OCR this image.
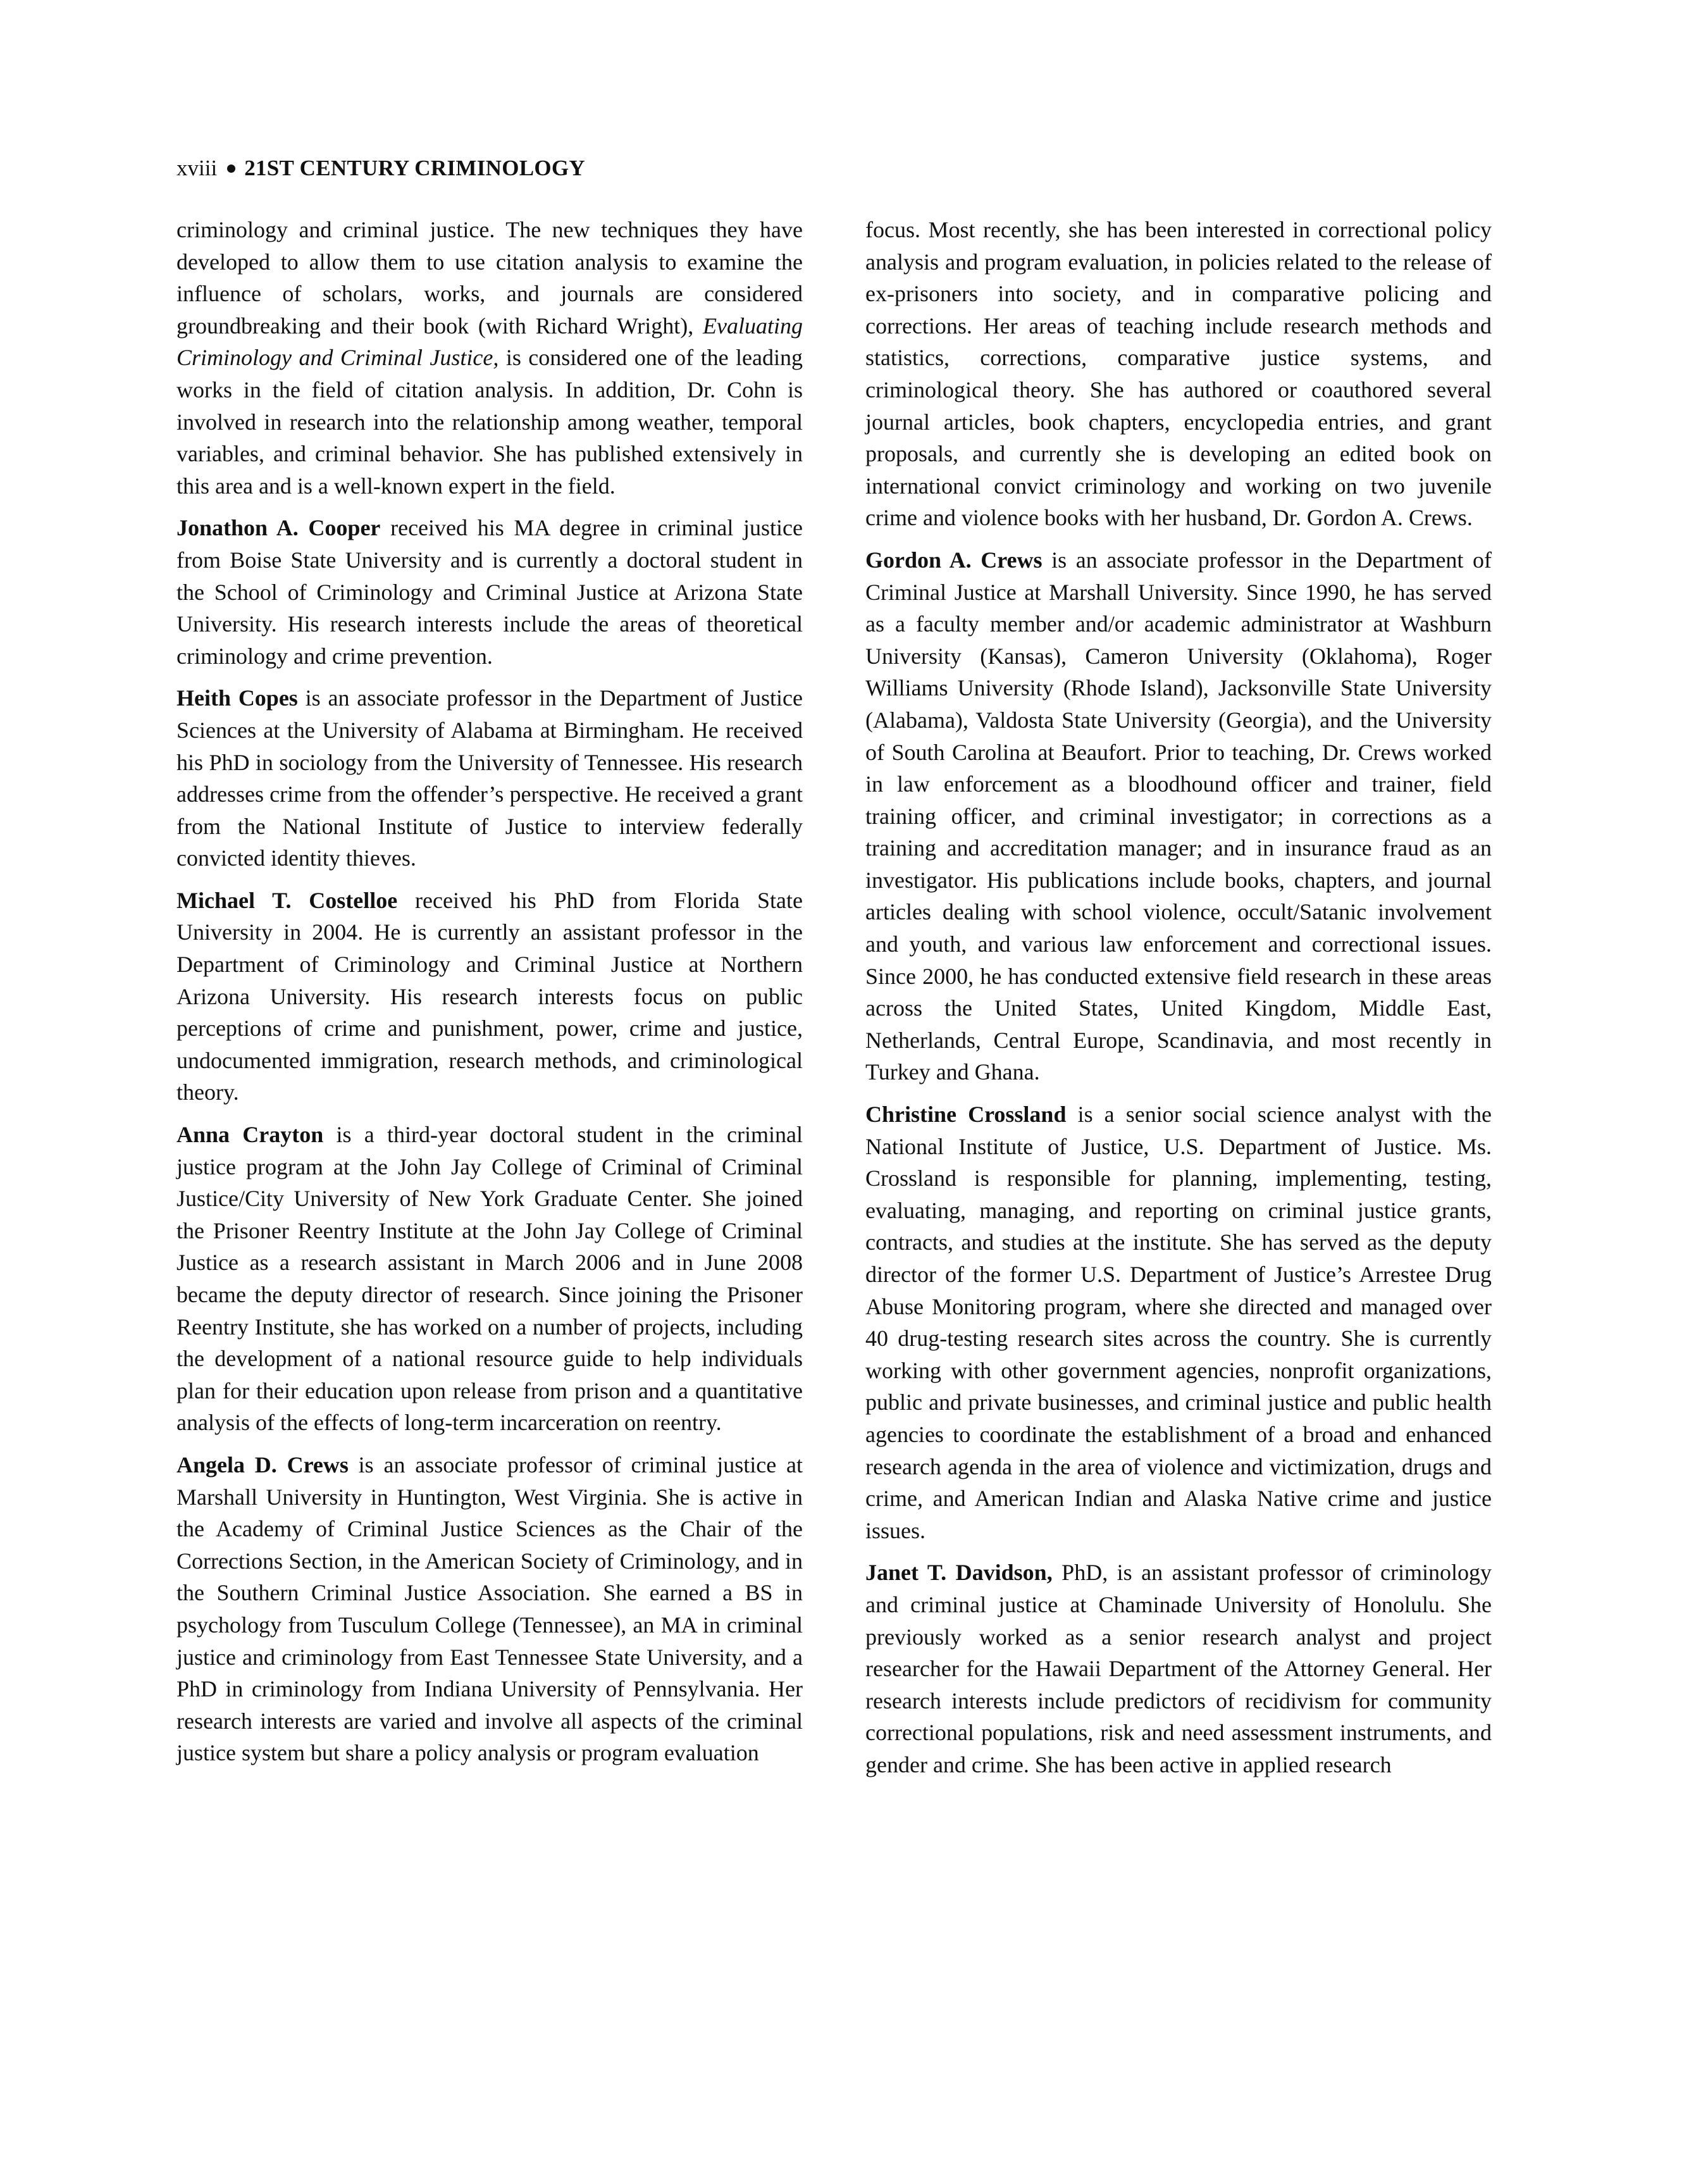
xviii 21ST CENTURY CRIMINOLOGY

criminology and criminal justice. The new techniques they have developed to allow them to use citation analysis to examine the influence of scholars, works, and journals are considered groundbreaking and their book (with Richard Wright), Evaluating Criminology and Criminal Justice, is considered one of the leading works in the field of citation analysis. In addition, Dr. Cohn is involved in research into the relationship among weather, temporal variables, and criminal behavior. She has published extensively in this area and is a well-known expert in the field.

Jonathon A. Cooper received his MA degree in criminal justice from Boise State University and is currently a doctoral student in the School of Criminology and Criminal Justice at Arizona State University. His research interests include the areas of theoretical criminology and crime prevention.

Heith Copes is an associate professor in the Department of Justice Sciences at the University of Alabama at Birmingham. He received his PhD in sociology from the University of Tennessee. His research addresses crime from the offender’s perspective. He received a grant from the National Institute of Justice to interview federally convicted identity thieves.

Michael T. Costelloe received his PhD from Florida State University in 2004. He is currently an assistant professor in the Department of Criminology and Criminal Justice at Northern Arizona University. His research interests focus on public perceptions of crime and punishment, power, crime and justice, undocumented immigration, research methods, and criminological theory.

Anna Crayton is a third-year doctoral student in the criminal justice program at the John Jay College of Criminal of Criminal Justice/City University of New York Graduate Center. She joined the Prisoner Reentry Institute at the John Jay College of Criminal Justice as a research assistant in March 2006 and in June 2008 became the deputy director of research. Since joining the Prisoner Reentry Institute, she has worked on a number of projects, including the development of a national resource guide to help individuals plan for their education upon release from prison and a quantitative analysis of the effects of long-term incarceration on reentry.

Angela D. Crews is an associate professor of criminal justice at Marshall University in Huntington, West Virginia. She is active in the Academy of Criminal Justice Sciences as the Chair of the Corrections Section, in the American Society of Criminology, and in the Southern Criminal Justice Association. She earned a BS in psychology from Tusculum College (Tennessee), an MA in criminal justice and criminology from East Tennessee State University, and a PhD in criminology from Indiana University of Pennsylvania. Her research interests are varied and involve all aspects of the criminal justice system but share a policy analysis or program evaluation

focus. Most recently, she has been interested in correctional policy analysis and program evaluation, in policies related to the release of ex-prisoners into society, and in comparative policing and corrections. Her areas of teaching include research methods and statistics, corrections, comparative justice systems, and criminological theory. She has authored or coauthored several journal articles, book chapters, encyclopedia entries, and grant proposals, and currently she is developing an edited book on international convict criminology and working on two juvenile crime and violence books with her husband, Dr. Gordon A. Crews.

Gordon A. Crews is an associate professor in the Department of Criminal Justice at Marshall University. Since 1990, he has served as a faculty member and/or academic administrator at Washburn University (Kansas), Cameron University (Oklahoma), Roger Williams University (Rhode Island), Jacksonville State University (Alabama), Valdosta State University (Georgia), and the University of South Carolina at Beaufort. Prior to teaching, Dr. Crews worked in law enforcement as a bloodhound officer and trainer, field training officer, and criminal investigator; in corrections as a training and accreditation manager; and in insurance fraud as an investigator. His publications include books, chapters, and journal articles dealing with school violence, occult/Satanic involvement and youth, and various law enforcement and correctional issues. Since 2000, he has conducted extensive field research in these areas across the United States, United Kingdom, Middle East, Netherlands, Central Europe, Scandinavia, and most recently in Turkey and Ghana.

Christine Crossland is a senior social science analyst with the National Institute of Justice, U.S. Department of Justice. Ms. Crossland is responsible for planning, implementing, testing, evaluating, managing, and reporting on criminal justice grants, contracts, and studies at the institute. She has served as the deputy director of the former U.S. Department of Justice’s Arrestee Drug Abuse Monitoring program, where she directed and managed over 40 drug-testing research sites across the country. She is currently working with other government agencies, nonprofit organizations, public and private businesses, and criminal justice and public health agencies to coordinate the establishment of a broad and enhanced research agenda in the area of violence and victimization, drugs and crime, and American Indian and Alaska Native crime and justice issues.

Janet T. Davidson, PhD, is an assistant professor of criminology and criminal justice at Chaminade University of Honolulu. She previously worked as a senior research analyst and project researcher for the Hawaii Department of the Attorney General. Her research interests include predictors of recidivism for community correctional populations, risk and need assessment instruments, and gender and crime. She has been active in applied research
